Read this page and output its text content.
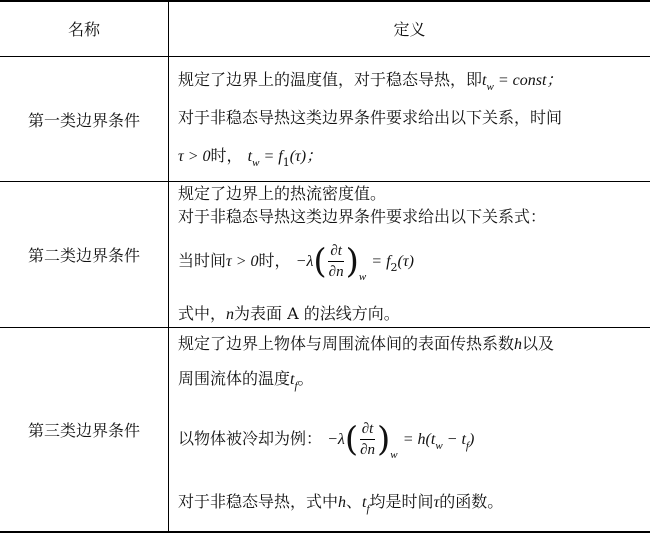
名称	定义
第一类边界条件
规定了边界上的温度值，对于稳态导热，即$t_w$ = const；
对于非稳态导热这类边界条件要求给出以下关系，时间
τ > 0时， $t_w = f_1(\tau)$；
第二类边界条件
规定了边界上的热流密度值。
对于非稳态导热这类边界条件要求给出以下关系式：
当时间τ > 0时， $-\lambda( \frac{\partial t}{\partial n} )_w = f_2(\tau)$
式中，n为表面 A 的法线方向。
第三类边界条件
规定了边界上物体与周围流体间的表面传热系数h以及
周围流体的温度$t_f$。
以物体被冷却为例： $-\lambda( \frac{\partial t}{\partial n} )_w = h(t_w - t_f)$
对于非稳态导热，式中h、$t_f$均是时间τ的函数。
